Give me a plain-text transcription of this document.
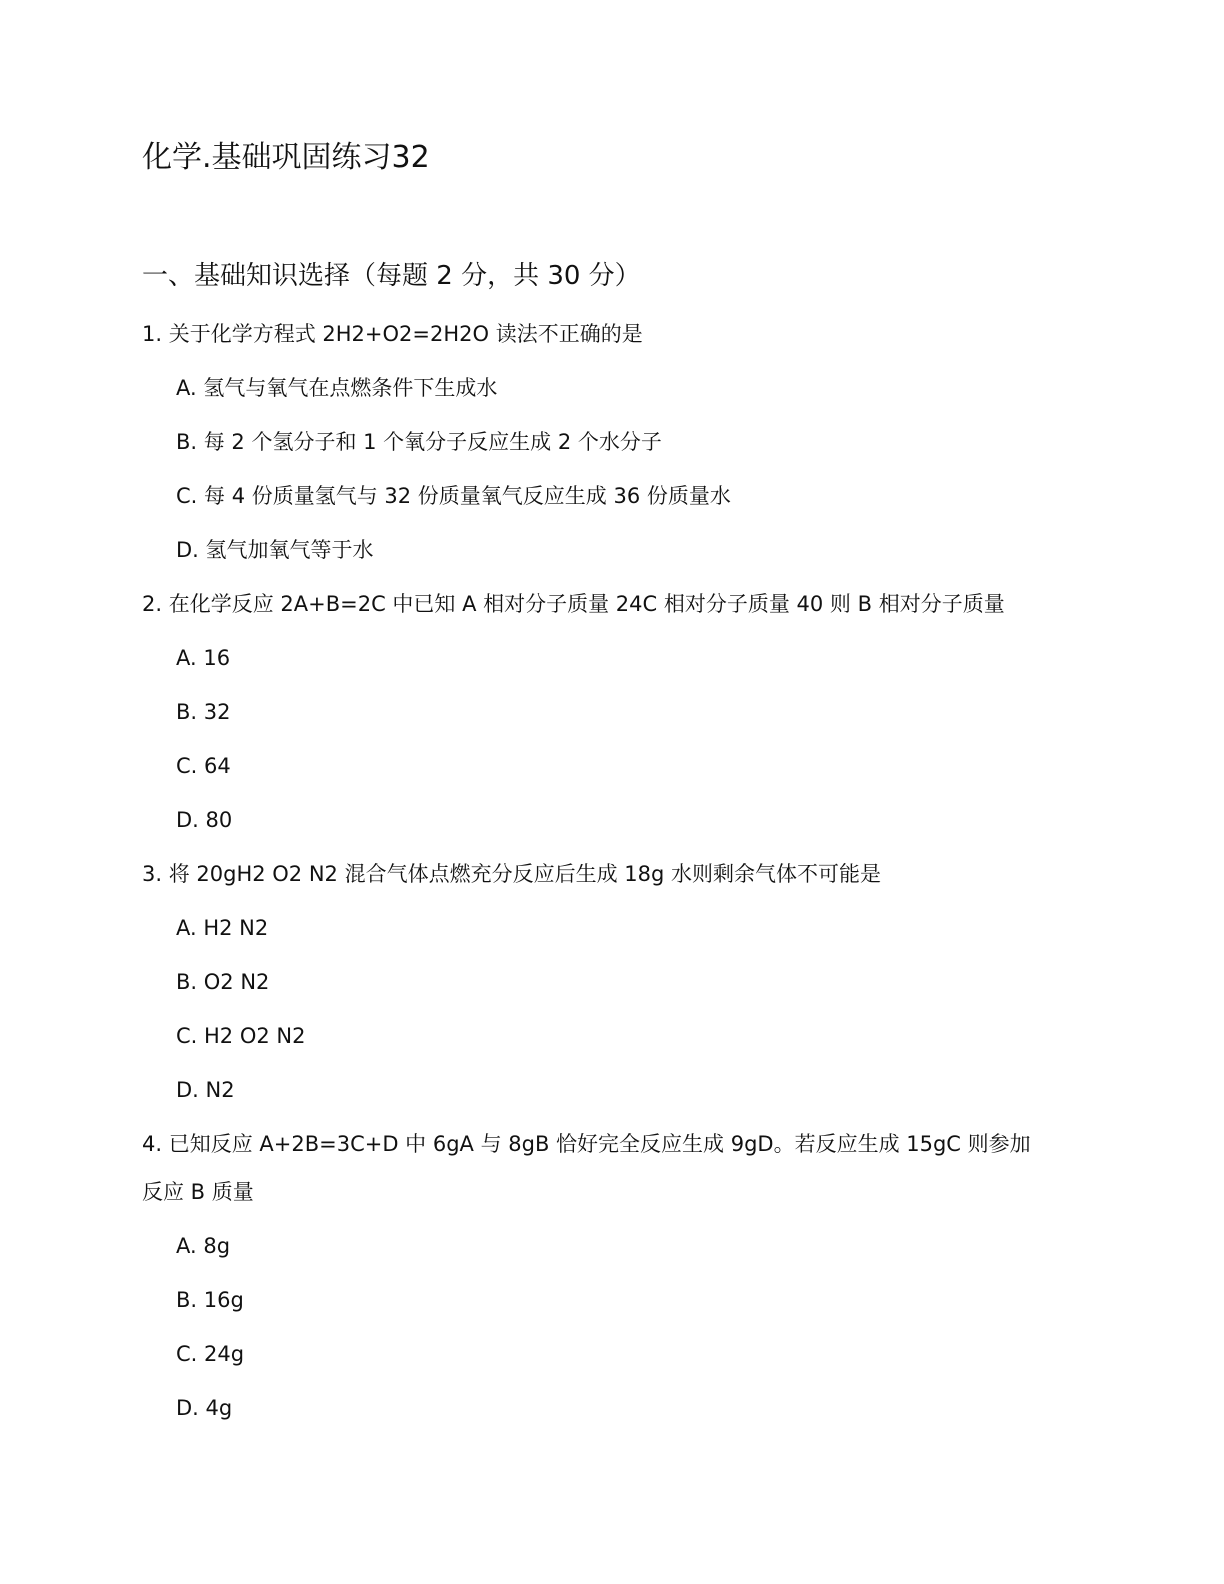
化学.基础巩固练习32
一、基础知识选择（每题 2 分，共 30 分）

1. 关于化学方程式 2H2+O2=2H2O 读法不正确的是

A. 氢气与氧气在点燃条件下生成水

B. 每 2 个氢分子和 1 个氧分子反应生成 2 个水分子

C. 每 4 份质量氢气与 32 份质量氧气反应生成 36 份质量水

D. 氢气加氧气等于水

2. 在化学反应 2A+B=2C 中已知 A 相对分子质量 24C 相对分子质量 40 则 B 相对分子质量

A. 16

B. 32

C. 64

D. 80

3. 将 20gH2 O2 N2 混合气体点燃充分反应后生成 18g 水则剩余气体不可能是

A. H2 N2

B. O2 N2

C. H2 O2 N2

D. N2

4. 已知反应 A+2B=3C+D 中 6gA 与 8gB 恰好完全反应生成 9gD。若反应生成 15gC 则参加

反应 B 质量

A. 8g

B. 16g

C. 24g

D. 4g
